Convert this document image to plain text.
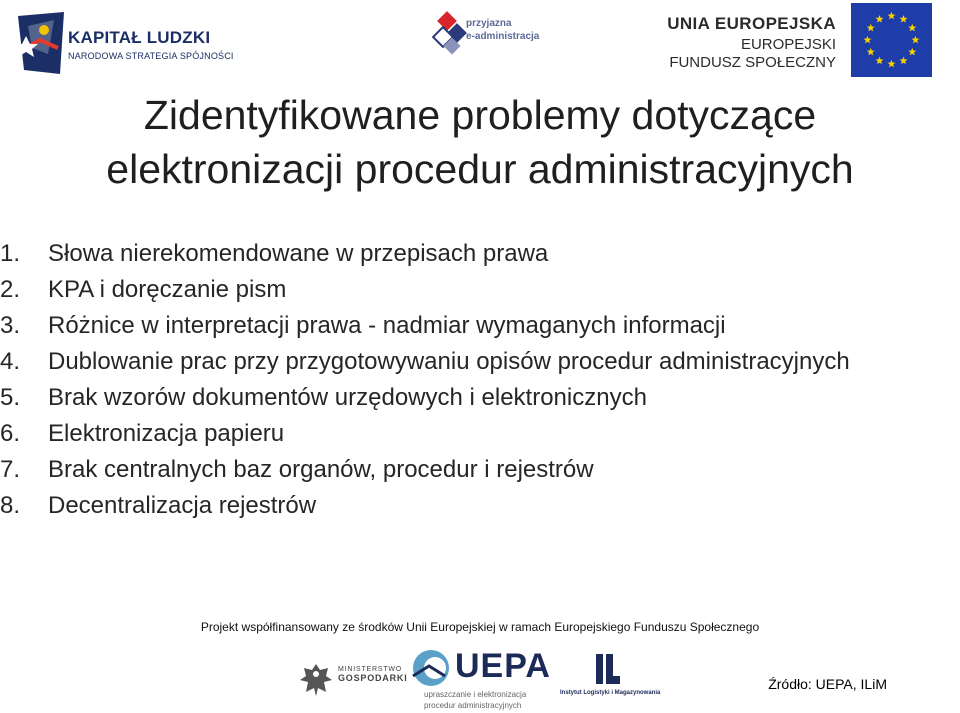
KAPITAŁ LUDZKI
NARODOWA STRATEGIA SPÓJNOŚCI
przyjazna
e-administracja
UNIA EUROPEJSKA
EUROPEJSKI
FUNDUSZ SPOŁECZNY
Zidentyfikowane problemy dotyczące
elektronizacji procedur administracyjnych
1. Słowa nierekomendowane w przepisach prawa
2. KPA i doręczanie pism
3. Różnice w interpretacji prawa - nadmiar wymaganych informacji
4. Dublowanie prac przy przygotowywaniu opisów procedur administracyjnych
5. Brak wzorów dokumentów urzędowych i elektronicznych
6. Elektronizacja papieru
7. Brak centralnych baz organów, procedur i rejestrów
8. Decentralizacja rejestrów
Projekt współfinansowany ze środków Unii Europejskiej w ramach Europejskiego Funduszu Społecznego
MINISTERSTWO
GOSPODARKI UEPA
upraszczanie i elektronizacja
procedur administracyjnych
Instytut Logistyki i Magazynowania
Źródło: UEPA, ILiM
